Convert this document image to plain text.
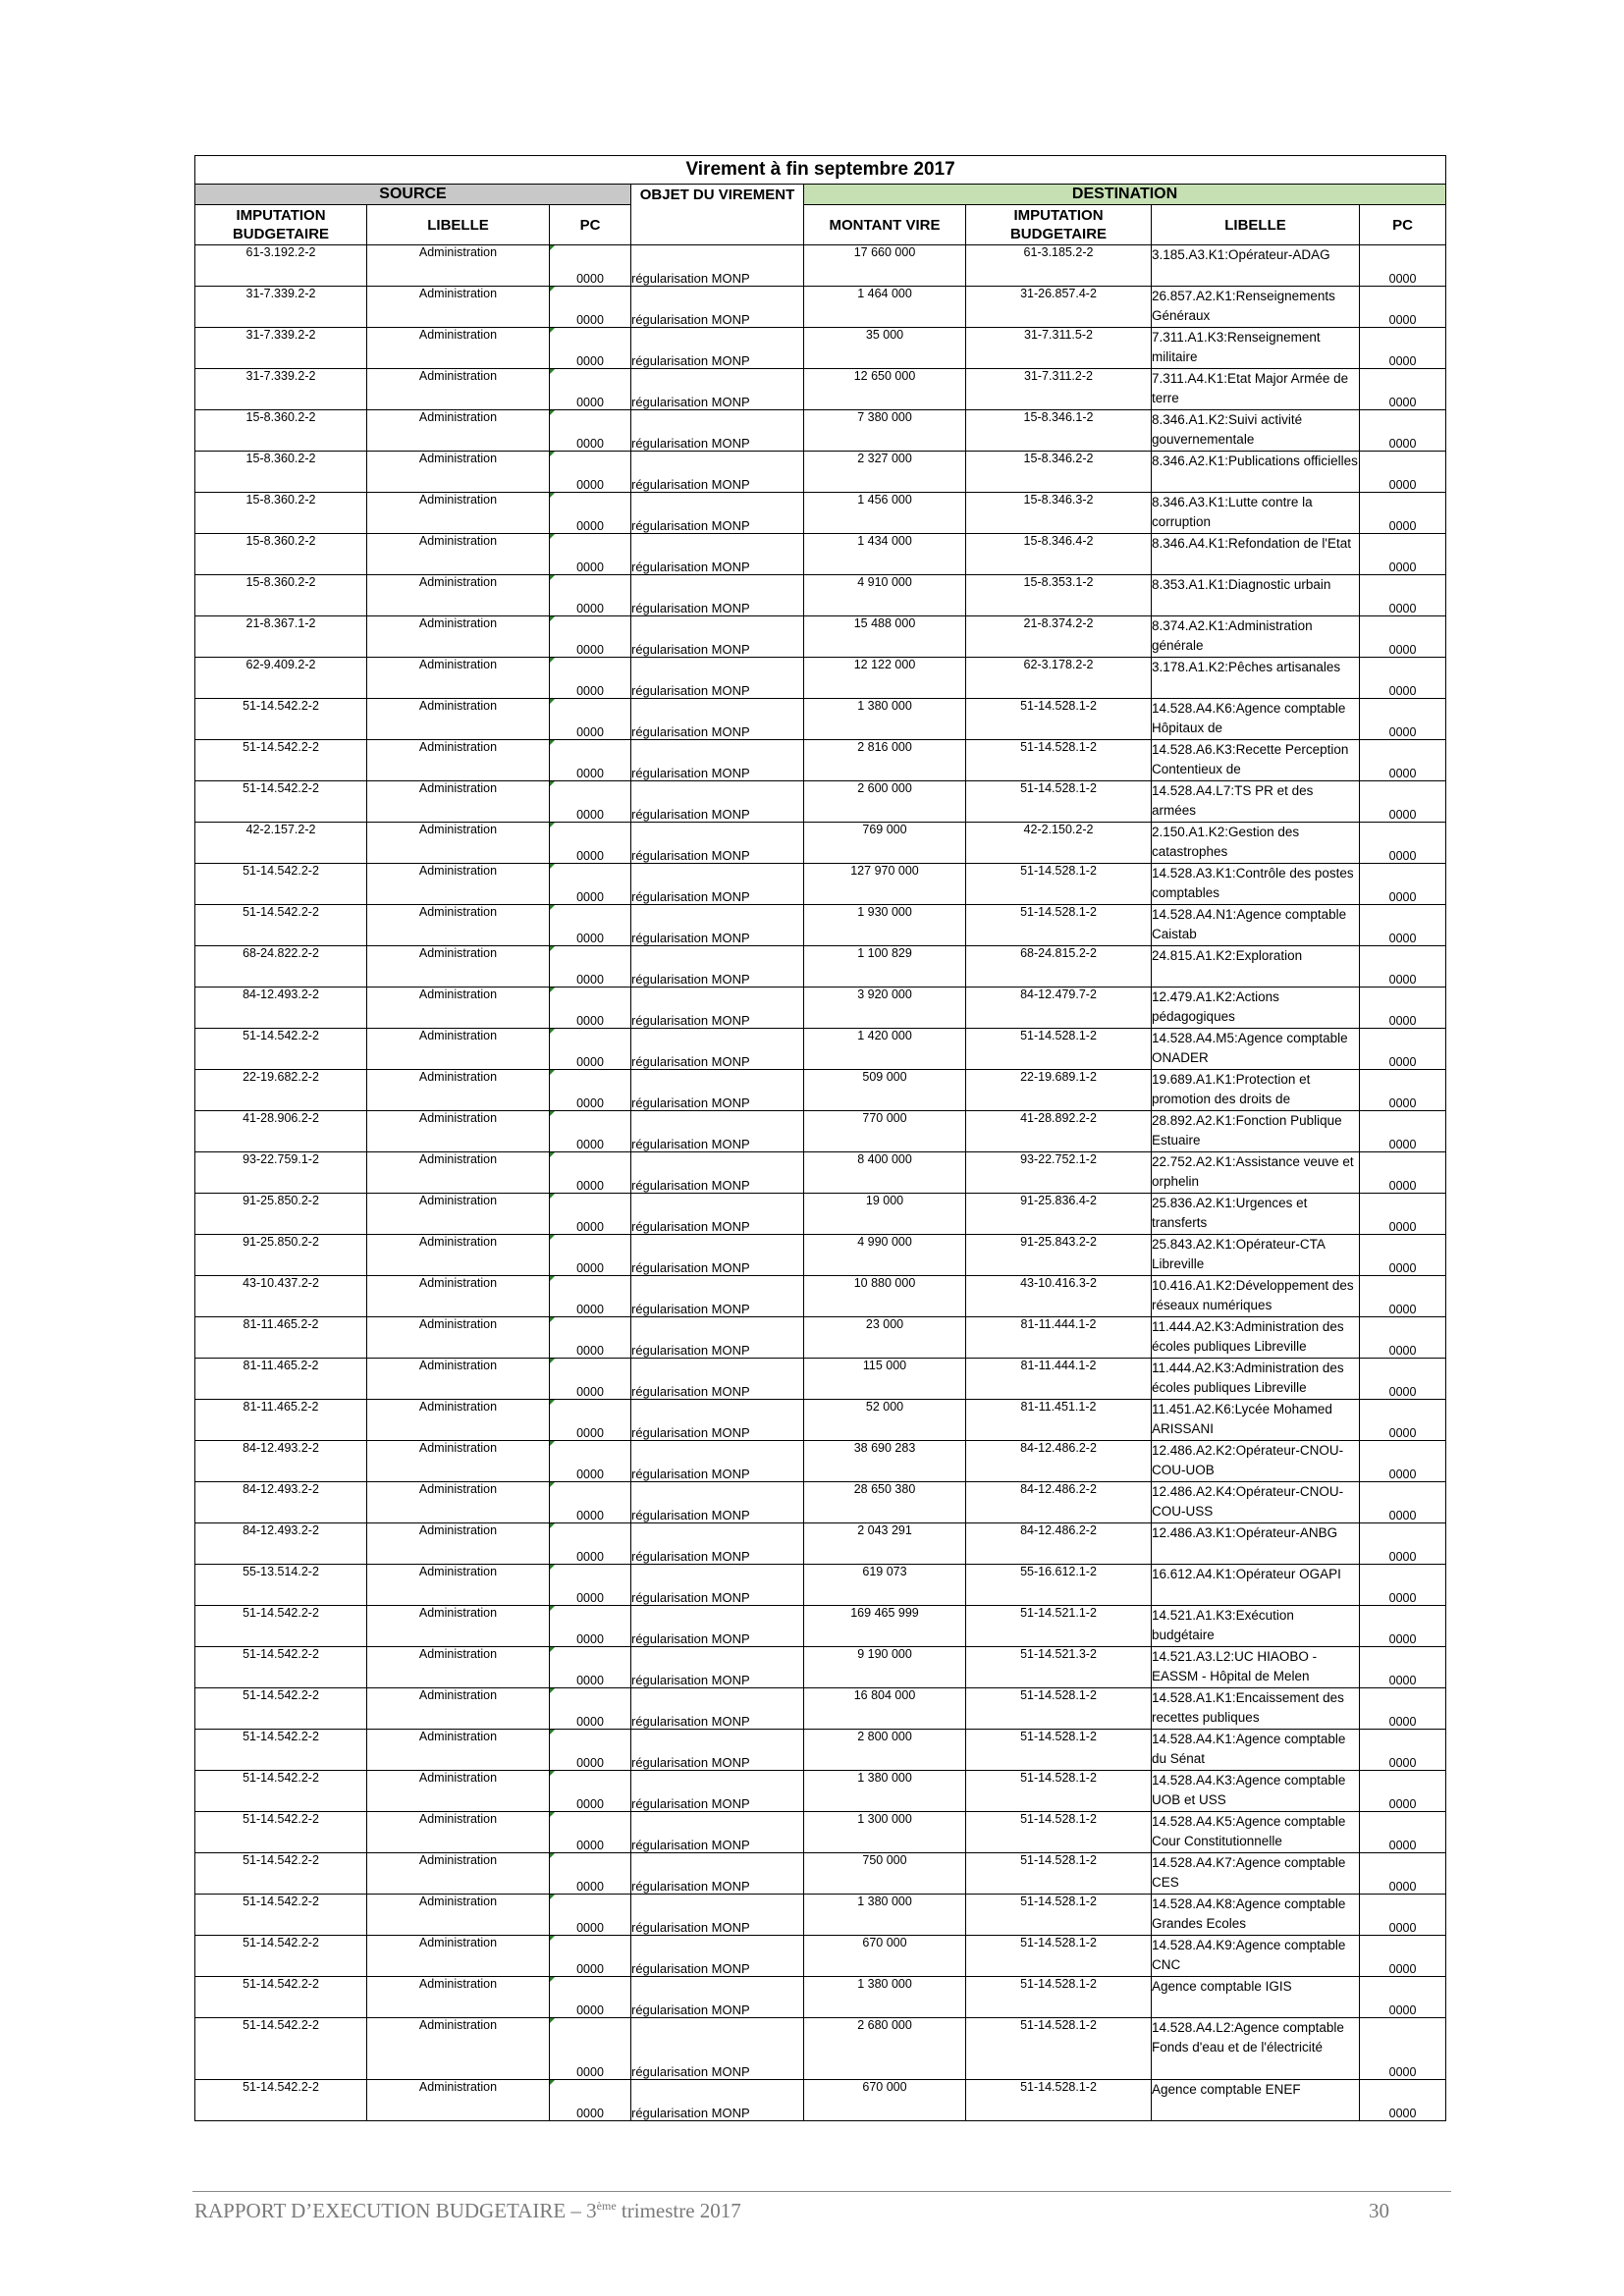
Virement à fin septembre 2017							
SOURCE			OBJET DU VIREMENT	DESTINATION			
IMPUTATION BUDGETAIRE	LIBELLE	PC		MONTANT VIRE	IMPUTATION BUDGETAIRE	LIBELLE	PC
61-3.192.2-2	Administration	0000	régularisation MONP	17 660 000	61-3.185.2-2	3.185.A3.K1:Opérateur-ADAG	0000
31-7.339.2-2	Administration	0000	régularisation MONP	1 464 000	31-26.857.4-2	26.857.A2.K1:Renseignements Généraux	0000
31-7.339.2-2	Administration	0000	régularisation MONP	35 000	31-7.311.5-2	7.311.A1.K3:Renseignement militaire	0000
31-7.339.2-2	Administration	0000	régularisation MONP	12 650 000	31-7.311.2-2	7.311.A4.K1:Etat Major Armée de terre	0000
15-8.360.2-2	Administration	0000	régularisation MONP	7 380 000	15-8.346.1-2	8.346.A1.K2:Suivi activité gouvernementale	0000
15-8.360.2-2	Administration	0000	régularisation MONP	2 327 000	15-8.346.2-2	8.346.A2.K1:Publications officielles	0000
15-8.360.2-2	Administration	0000	régularisation MONP	1 456 000	15-8.346.3-2	8.346.A3.K1:Lutte contre la corruption	0000
15-8.360.2-2	Administration	0000	régularisation MONP	1 434 000	15-8.346.4-2	8.346.A4.K1:Refondation de l'Etat	0000
15-8.360.2-2	Administration	0000	régularisation MONP	4 910 000	15-8.353.1-2	8.353.A1.K1:Diagnostic urbain	0000
21-8.367.1-2	Administration	0000	régularisation MONP	15 488 000	21-8.374.2-2	8.374.A2.K1:Administration générale	0000
62-9.409.2-2	Administration	0000	régularisation MONP	12 122 000	62-3.178.2-2	3.178.A1.K2:Pêches artisanales	0000
51-14.542.2-2	Administration	0000	régularisation MONP	1 380 000	51-14.528.1-2	14.528.A4.K6:Agence comptable Hôpitaux de	0000
51-14.542.2-2	Administration	0000	régularisation MONP	2 816 000	51-14.528.1-2	14.528.A6.K3:Recette Perception Contentieux de	0000
51-14.542.2-2	Administration	0000	régularisation MONP	2 600 000	51-14.528.1-2	14.528.A4.L7:TS PR et des armées	0000
42-2.157.2-2	Administration	0000	régularisation MONP	769 000	42-2.150.2-2	2.150.A1.K2:Gestion des catastrophes	0000
51-14.542.2-2	Administration	0000	régularisation MONP	127 970 000	51-14.528.1-2	14.528.A3.K1:Contrôle des postes comptables	0000
51-14.542.2-2	Administration	0000	régularisation MONP	1 930 000	51-14.528.1-2	14.528.A4.N1:Agence comptable Caistab	0000
68-24.822.2-2	Administration	0000	régularisation MONP	1 100 829	68-24.815.2-2	24.815.A1.K2:Exploration	0000
84-12.493.2-2	Administration	0000	régularisation MONP	3 920 000	84-12.479.7-2	12.479.A1.K2:Actions pédagogiques	0000
51-14.542.2-2	Administration	0000	régularisation MONP	1 420 000	51-14.528.1-2	14.528.A4.M5:Agence comptable ONADER	0000
22-19.682.2-2	Administration	0000	régularisation MONP	509 000	22-19.689.1-2	19.689.A1.K1:Protection et promotion des droits de	0000
41-28.906.2-2	Administration	0000	régularisation MONP	770 000	41-28.892.2-2	28.892.A2.K1:Fonction Publique Estuaire	0000
93-22.759.1-2	Administration	0000	régularisation MONP	8 400 000	93-22.752.1-2	22.752.A2.K1:Assistance veuve et orphelin	0000
91-25.850.2-2	Administration	0000	régularisation MONP	19 000	91-25.836.4-2	25.836.A2.K1:Urgences et transferts	0000
91-25.850.2-2	Administration	0000	régularisation MONP	4 990 000	91-25.843.2-2	25.843.A2.K1:Opérateur-CTA Libreville	0000
43-10.437.2-2	Administration	0000	régularisation MONP	10 880 000	43-10.416.3-2	10.416.A1.K2:Développement des réseaux numériques	0000
81-11.465.2-2	Administration	0000	régularisation MONP	23 000	81-11.444.1-2	11.444.A2.K3:Administration des écoles publiques Libreville	0000
81-11.465.2-2	Administration	0000	régularisation MONP	115 000	81-11.444.1-2	11.444.A2.K3:Administration des écoles publiques Libreville	0000
81-11.465.2-2	Administration	0000	régularisation MONP	52 000	81-11.451.1-2	11.451.A2.K6:Lycée Mohamed ARISSANI	0000
84-12.493.2-2	Administration	0000	régularisation MONP	38 690 283	84-12.486.2-2	12.486.A2.K2:Opérateur-CNOU-COU-UOB	0000
84-12.493.2-2	Administration	0000	régularisation MONP	28 650 380	84-12.486.2-2	12.486.A2.K4:Opérateur-CNOU-COU-USS	0000
84-12.493.2-2	Administration	0000	régularisation MONP	2 043 291	84-12.486.2-2	12.486.A3.K1:Opérateur-ANBG	0000
55-13.514.2-2	Administration	0000	régularisation MONP	619 073	55-16.612.1-2	16.612.A4.K1:Opérateur OGAPI	0000
51-14.542.2-2	Administration	0000	régularisation MONP	169 465 999	51-14.521.1-2	14.521.A1.K3:Exécution budgétaire	0000
51-14.542.2-2	Administration	0000	régularisation MONP	9 190 000	51-14.521.3-2	14.521.A3.L2:UC HIAOBO - EASSM - Hôpital de Melen	0000
51-14.542.2-2	Administration	0000	régularisation MONP	16 804 000	51-14.528.1-2	14.528.A1.K1:Encaissement des recettes publiques	0000
51-14.542.2-2	Administration	0000	régularisation MONP	2 800 000	51-14.528.1-2	14.528.A4.K1:Agence comptable du Sénat	0000
51-14.542.2-2	Administration	0000	régularisation MONP	1 380 000	51-14.528.1-2	14.528.A4.K3:Agence comptable UOB et USS	0000
51-14.542.2-2	Administration	0000	régularisation MONP	1 300 000	51-14.528.1-2	14.528.A4.K5:Agence comptable Cour Constitutionnelle	0000
51-14.542.2-2	Administration	0000	régularisation MONP	750 000	51-14.528.1-2	14.528.A4.K7:Agence comptable CES	0000
51-14.542.2-2	Administration	0000	régularisation MONP	1 380 000	51-14.528.1-2	14.528.A4.K8:Agence comptable Grandes Ecoles	0000
51-14.542.2-2	Administration	0000	régularisation MONP	670 000	51-14.528.1-2	14.528.A4.K9:Agence comptable CNC	0000
51-14.542.2-2	Administration	0000	régularisation MONP	1 380 000	51-14.528.1-2	Agence comptable IGIS	0000
51-14.542.2-2	Administration	0000	régularisation MONP	2 680 000	51-14.528.1-2	14.528.A4.L2:Agence comptable Fonds d'eau et de l'électricité	0000
51-14.542.2-2	Administration	0000	régularisation MONP	670 000	51-14.528.1-2	Agence comptable ENEF	0000
RAPPORT D’EXECUTION BUDGETAIRE – 3ème trimestre 2017	30
